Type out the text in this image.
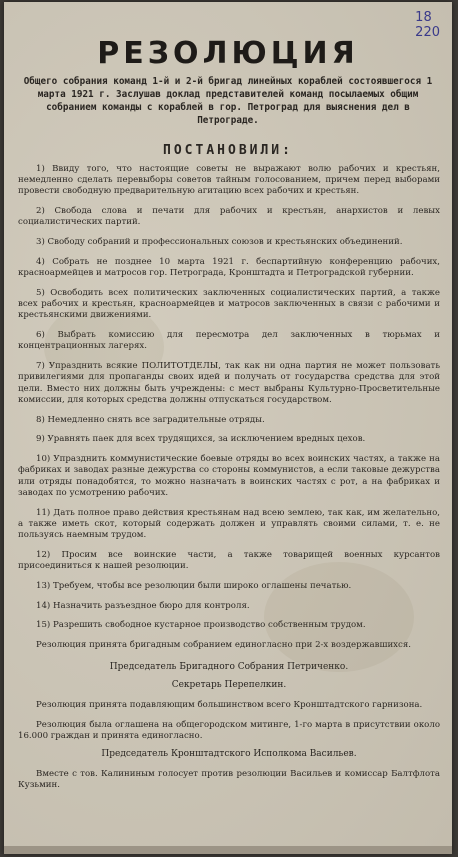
18
220
РЕЗОЛЮЦИЯ
Общего собрания команд 1-й и 2-й бригад линейных кораблей состоявшегося 1 марта 1921 г. Заслушав доклад представителей команд посылаемых общим собранием команды с кораблей в гор. Петроград для выяснения дел в Петрограде.
ПОСТАНОВИЛИ:

1) Ввиду того, что настоящие советы не выражают волю рабочих и крестьян, немедленно сделать перевыборы советов тайным голосованием, причем перед выборами провести свободную предварительную агитацию всех рабочих и крестьян.

2) Свобода слова и печати для рабочих и крестьян, анархистов и левых социалистических партий.

3) Свободу собраний и профессиональных союзов и крестьянских объединений.

4) Собрать не позднее 10 марта 1921 г. беспартийную конференцию рабочих, красноармейцев и матросов гор. Петрограда, Кронштадта и Петроградской губернии.

5) Освободить всех политических заключенных социалистических партий, а также всех рабочих и крестьян, красноармейцев и матросов заключенных в связи с рабочими и крестьянскими движениями.

6) Выбрать комиссию для пересмотра дел заключенных в тюрьмах и концентрационных лагерях.

7) Упразднить всякие ПОЛИТОТДЕЛЫ, так как ни одна партия не может пользовать привилегиями для пропаганды своих идей и получать от государства средства для этой цели. Вместо них должны быть учреждены: с мест выбраны Культурно-Просветительные комиссии, для которых средства должны отпускаться государством.

8) Немедленно снять все заградительные отряды.

9) Уравнять паек для всех трудящихся, за исключением вредных цехов.

10) Упразднить коммунистические боевые отряды во всех воинских частях, а также на фабриках и заводах разные дежурства со стороны коммунистов, а если таковые дежурства или отряды понадобятся, то можно назначать в воинских частях с рот, а на фабриках и заводах по усмотрению рабочих.

11) Дать полное право действия крестьянам над всею землею, так как, им желательно, а также иметь скот, который содержать должен и управлять своими силами, т. е. не пользуясь наемным трудом.

12) Просим все воинские части, а также товарищей военных курсантов присоединиться к нашей резолюции.

13) Требуем, чтобы все резолюции были широко оглашены печатью.

14) Назначить разъездное бюро для контроля.

15) Разрешить свободное кустарное производство собственным трудом.

Резолюция принята бригадным собранием единогласно при 2-х воздержавшихся.

Председатель Бригадного Собрания Петриченко.
Секретарь Перепелкин.

Резолюция принята подавляющим большинством всего Кронштадтского гарнизона.

Резолюция была оглашена на общегородском митинге, 1-го марта в присутствии около 16.000 граждан и принята единогласно.

Председатель Кронштадтского Исполкома Васильев.

Вместе с тов. Калининым голосует против резолюции Васильев и комиссар Балтфлота Кузьмин.
